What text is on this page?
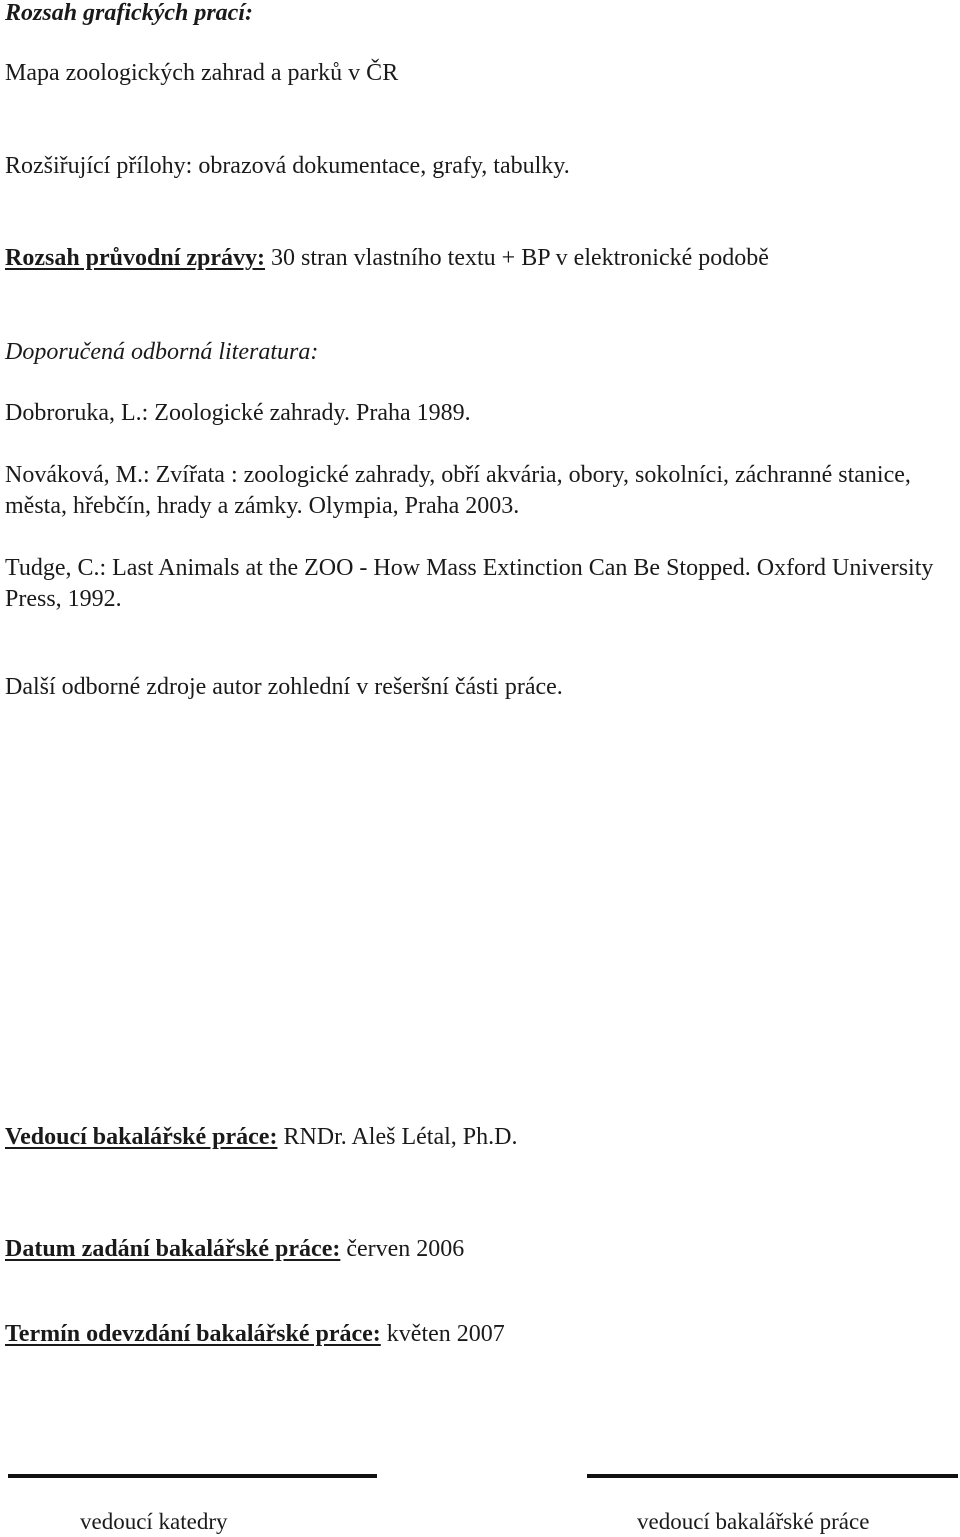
Rozsah grafických prací:
Mapa zoologických zahrad a parků v ČR
Rozšiřující přílohy: obrazová dokumentace, grafy, tabulky.
Rozsah průvodní zprávy: 30 stran vlastního textu + BP v elektronické podobě
Doporučená odborná literatura:
Dobroruka, L.: Zoologické zahrady. Praha 1989.
Nováková, M.: Zvířata : zoologické zahrady, obří akvária, obory, sokolníci, záchranné stanice, města, hřebčín, hrady a zámky. Olympia, Praha 2003.
Tudge, C.: Last Animals at the ZOO - How Mass Extinction Can Be Stopped. Oxford University Press, 1992.
Další odborné zdroje autor zohlední v rešeršní části práce.
Vedoucí bakalářské práce: RNDr. Aleš Létal, Ph.D.
Datum zadání bakalářské práce: červen 2006
Termín odevzdání bakalářské práce: květen 2007
vedoucí katedry	vedoucí bakalářské práce
